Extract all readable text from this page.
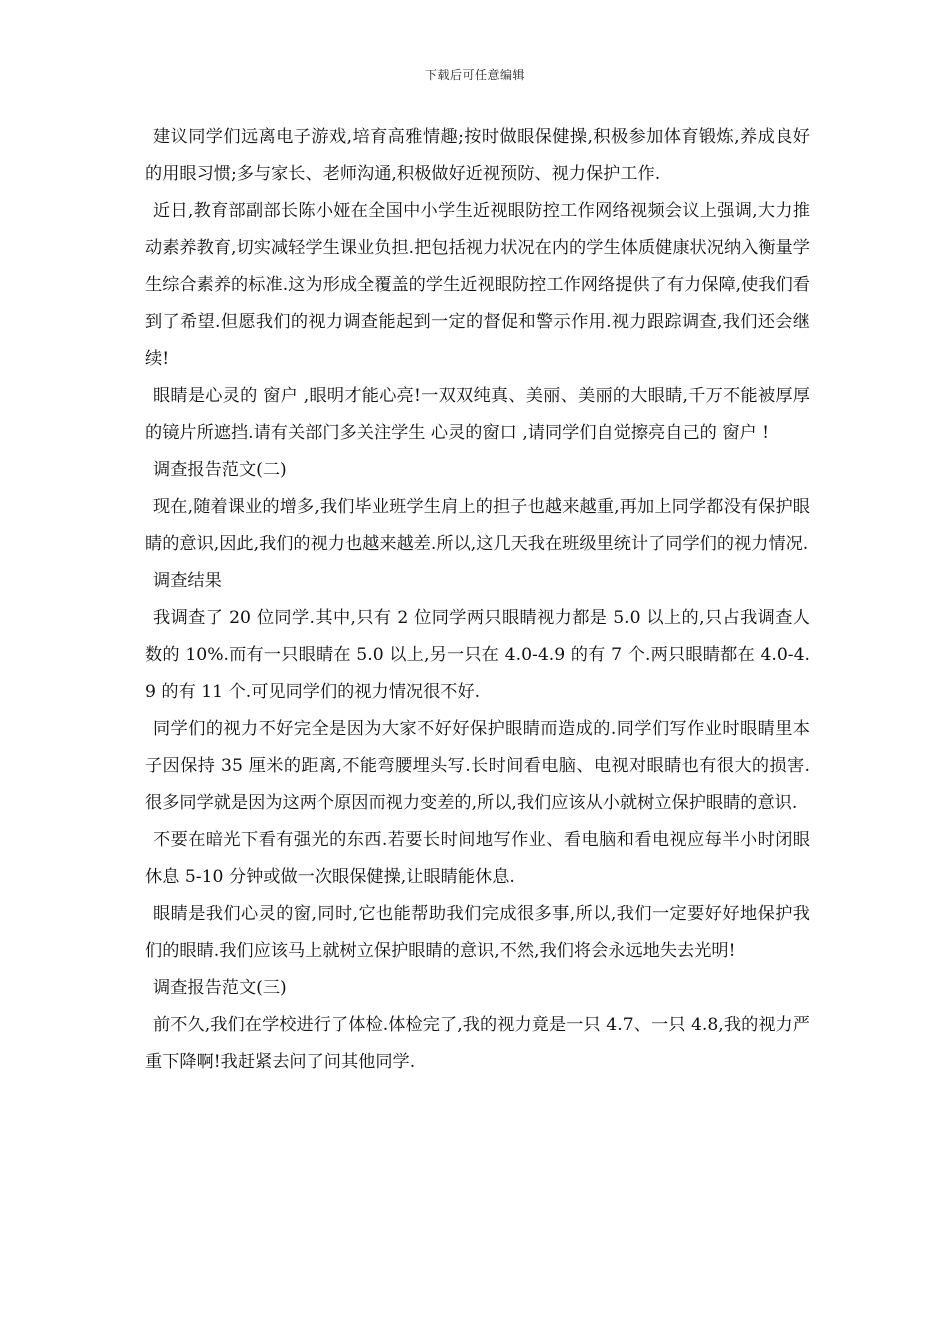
下载后可任意编辑

建议同学们远离电子游戏,培育高雅情趣;按时做眼保健操,积极参加体育锻炼,养成良好的用眼习惯;多与家长、老师沟通,积极做好近视预防、视力保护工作.

近日,教育部副部长陈小娅在全国中小学生近视眼防控工作网络视频会议上强调,大力推动素养教育,切实减轻学生课业负担.把包括视力状况在内的学生体质健康状况纳入衡量学生综合素养的标准.这为形成全覆盖的学生近视眼防控工作网络提供了有力保障,使我们看到了希望.但愿我们的视力调查能起到一定的督促和警示作用.视力跟踪调查,我们还会继续!

眼睛是心灵的 窗户 ,眼明才能心亮!一双双纯真、美丽、美丽的大眼睛,千万不能被厚厚的镜片所遮挡.请有关部门多关注学生 心灵的窗口 ,请同学们自觉擦亮自己的 窗户 !

调查报告范文(二)

现在,随着课业的增多,我们毕业班学生肩上的担子也越来越重,再加上同学都没有保护眼睛的意识,因此,我们的视力也越来越差.所以,这几天我在班级里统计了同学们的视力情况.

调查结果

我调查了 20 位同学.其中,只有 2 位同学两只眼睛视力都是 5.0 以上的,只占我调查人数的 10%.而有一只眼睛在 5.0 以上,另一只在 4.0-4.9 的有 7 个.两只眼睛都在 4.0-4.9 的有 11 个.可见同学们的视力情况很不好.

同学们的视力不好完全是因为大家不好好保护眼睛而造成的.同学们写作业时眼睛里本子因保持 35 厘米的距离,不能弯腰埋头写.长时间看电脑、电视对眼睛也有很大的损害.很多同学就是因为这两个原因而视力变差的,所以,我们应该从小就树立保护眼睛的意识.

不要在暗光下看有强光的东西.若要长时间地写作业、看电脑和看电视应每半小时闭眼休息 5-10 分钟或做一次眼保健操,让眼睛能休息.

眼睛是我们心灵的窗,同时,它也能帮助我们完成很多事,所以,我们一定要好好地保护我们的眼睛.我们应该马上就树立保护眼睛的意识,不然,我们将会永远地失去光明!

调查报告范文(三)

前不久,我们在学校进行了体检.体检完了,我的视力竟是一只 4.7、一只 4.8,我的视力严重下降啊!我赶紧去问了问其他同学.
